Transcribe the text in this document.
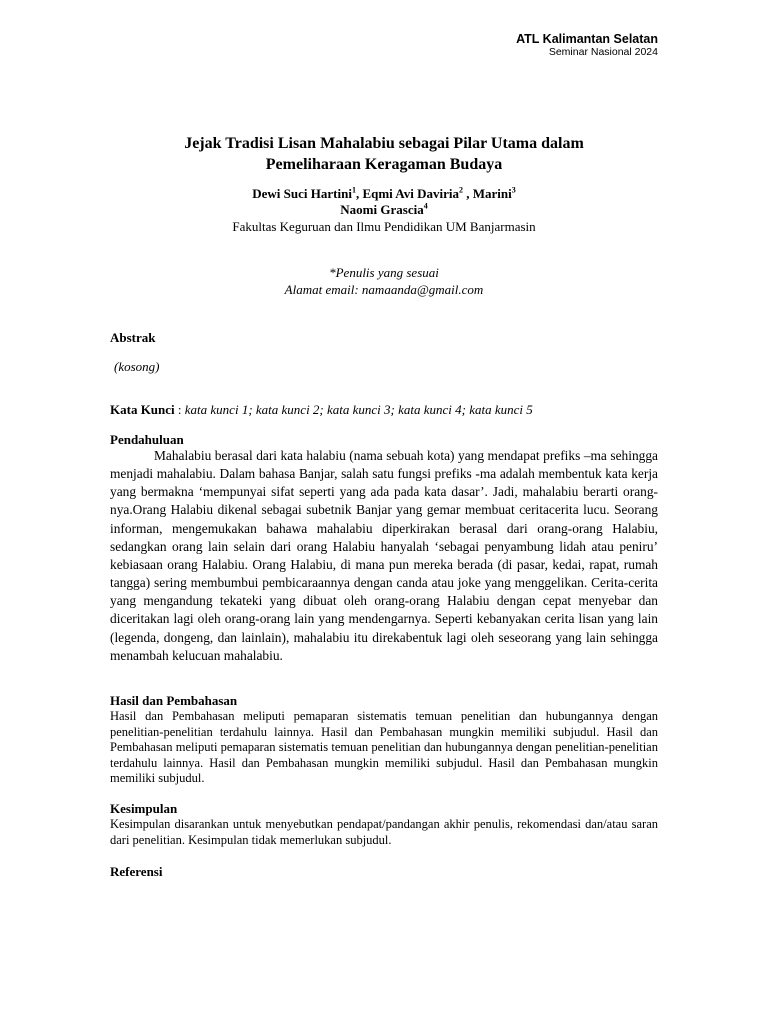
ATL Kalimantan Selatan
Seminar Nasional 2024
Jejak Tradisi Lisan Mahalabiu sebagai Pilar Utama dalam
Pemeliharaan Keragaman Budaya
Dewi Suci Hartini$^1$, Eqmi Avi Daviria$^2$ , Marini$^3$
Naomi Grascia$^4$
Fakultas Keguruan dan Ilmu Pendidikan UM Banjarmasin
*Penulis yang sesuai
Alamat email: namaanda@gmail.com
Abstrak
(kosong)
Kata Kunci : kata kunci 1; kata kunci 2; kata kunci 3; kata kunci 4; kata kunci 5
Pendahuluan
Mahalabiu berasal dari kata halabiu (nama sebuah kota) yang mendapat prefiks –ma sehingga menjadi mahalabiu. Dalam bahasa Banjar, salah satu fungsi prefiks -ma adalah membentuk kata kerja yang bermakna ‘mempunyai sifat seperti yang ada pada kata dasar’. Jadi, mahalabiu berarti orang-nya.Orang Halabiu dikenal sebagai subetnik Banjar yang gemar membuat ceritacerita lucu. Seorang informan, mengemukakan bahawa mahalabiu diperkirakan berasal dari orang-orang Halabiu, sedangkan orang lain selain dari orang Halabiu hanyalah ‘sebagai penyambung lidah atau peniru’ kebiasaan orang Halabiu. Orang Halabiu, di mana pun mereka berada (di pasar, kedai, rapat, rumah tangga) sering membumbui pembicaraannya dengan canda atau joke yang menggelikan. Cerita-cerita yang mengandung tekateki yang dibuat oleh orang-orang Halabiu dengan cepat menyebar dan diceritakan lagi oleh orang-orang lain yang mendengarnya. Seperti kebanyakan cerita lisan yang lain (legenda, dongeng, dan lainlain), mahalabiu itu direkabentuk lagi oleh seseorang yang lain sehingga menambah kelucuan mahalabiu.
Hasil dan Pembahasan
Hasil dan Pembahasan meliputi pemaparan sistematis temuan penelitian dan hubungannya dengan penelitian-penelitian terdahulu lainnya. Hasil dan Pembahasan mungkin memiliki subjudul. Hasil dan Pembahasan meliputi pemaparan sistematis temuan penelitian dan hubungannya dengan penelitian-penelitian terdahulu lainnya. Hasil dan Pembahasan mungkin memiliki subjudul. Hasil dan Pembahasan mungkin memiliki subjudul.
Kesimpulan
Kesimpulan disarankan untuk menyebutkan pendapat/pandangan akhir penulis, rekomendasi dan/atau saran dari penelitian. Kesimpulan tidak memerlukan subjudul.
Referensi
